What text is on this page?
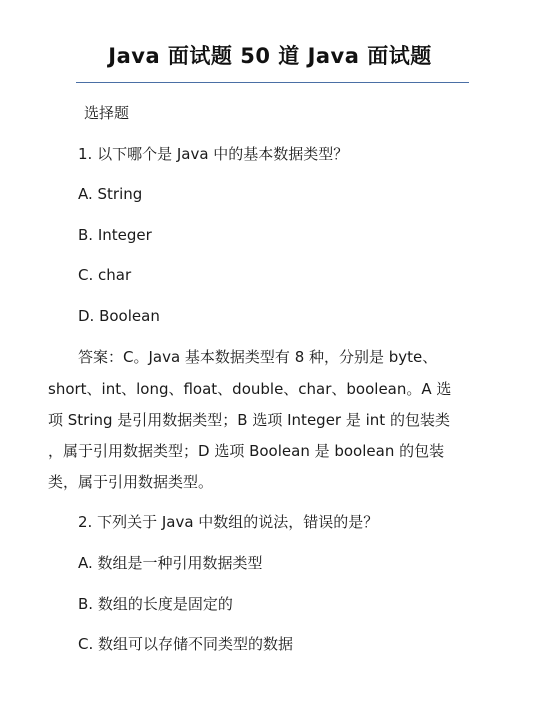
Java 面试题 50 道 Java 面试题
选择题
1. 以下哪个是 Java 中的基本数据类型？
A. String
B. Integer
C. char
D. Boolean
答案：C。Java 基本数据类型有 8 种，分别是 byte、
short、int、long、float、double、char、boolean。A 选
项 String 是引用数据类型；B 选项 Integer 是 int 的包装类
，属于引用数据类型；D 选项 Boolean 是 boolean 的包装
类，属于引用数据类型。
2. 下列关于 Java 中数组的说法，错误的是？
A. 数组是一种引用数据类型
B. 数组的长度是固定的
C. 数组可以存储不同类型的数据
